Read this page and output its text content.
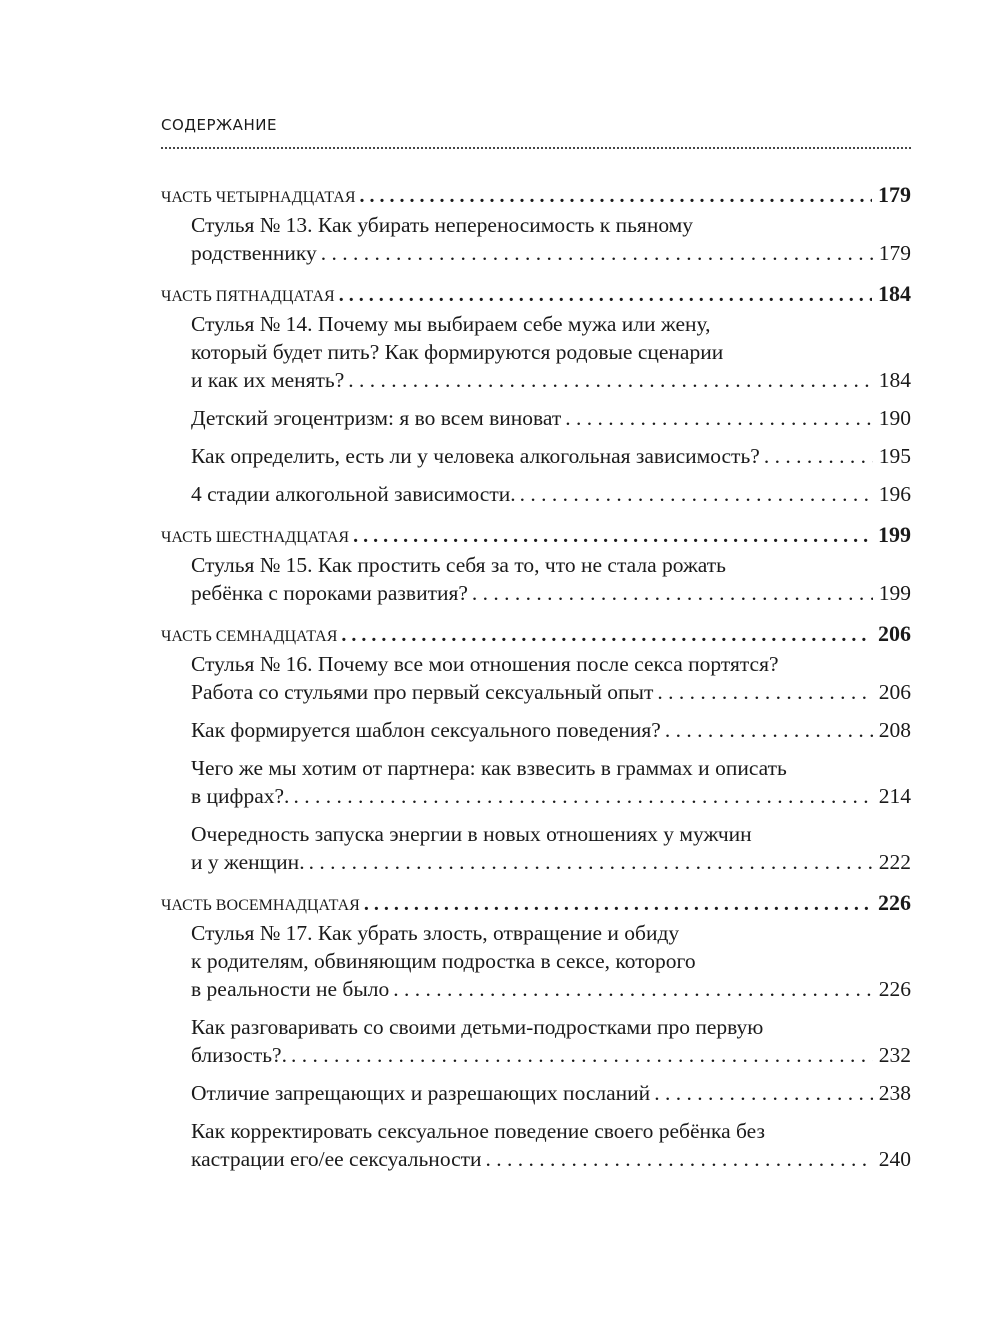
СОДЕРЖАНИЕ
ЧАСТЬ ЧЕТЫРНАДЦАТАЯ . . .	179
Стулья № 13. Как убирать непереносимость к пьяному
родственнику . . .	179
ЧАСТЬ ПЯТНАДЦАТАЯ . . .	184
Стулья № 14. Почему мы выбираем себе мужа или жену,
который будет пить? Как формируются родовые сценарии
и как их менять? . . .	184
Детский эгоцентризм: я во всем виноват . . .	190
Как определить, есть ли у человека алкогольная зависимость? . . .	195
4 стадии алкогольной зависимости. . . .	196
ЧАСТЬ ШЕСТНАДЦАТАЯ . . .	199
Стулья № 15. Как простить себя за то, что не стала рожать
ребёнка с пороками развития? . . .	199
ЧАСТЬ СЕМНАДЦАТАЯ . . .	206
Стулья № 16. Почему все мои отношения после секса портятся?
Работа со стульями про первый сексуальный опыт . . .	206
Как формируется шаблон сексуального поведения? . . .	208
Чего же мы хотим от партнера: как взвесить в граммах и описать
в цифрах?. . . .	214
Очередность запуска энергии в новых отношениях у мужчин
и у женщин. . . .	222
ЧАСТЬ ВОСЕМНАДЦАТАЯ . . .	226
Стулья № 17. Как убрать злость, отвращение и обиду
к родителям, обвиняющим подростка в сексе, которого
в реальности не было . . .	226
Как разговаривать со своими детьми-подростками про первую
близость?. . . .	232
Отличие запрещающих и разрешающих посланий . . .	238
Как корректировать сексуальное поведение своего ребёнка без
кастрации его/ее сексуальности . . .	240
